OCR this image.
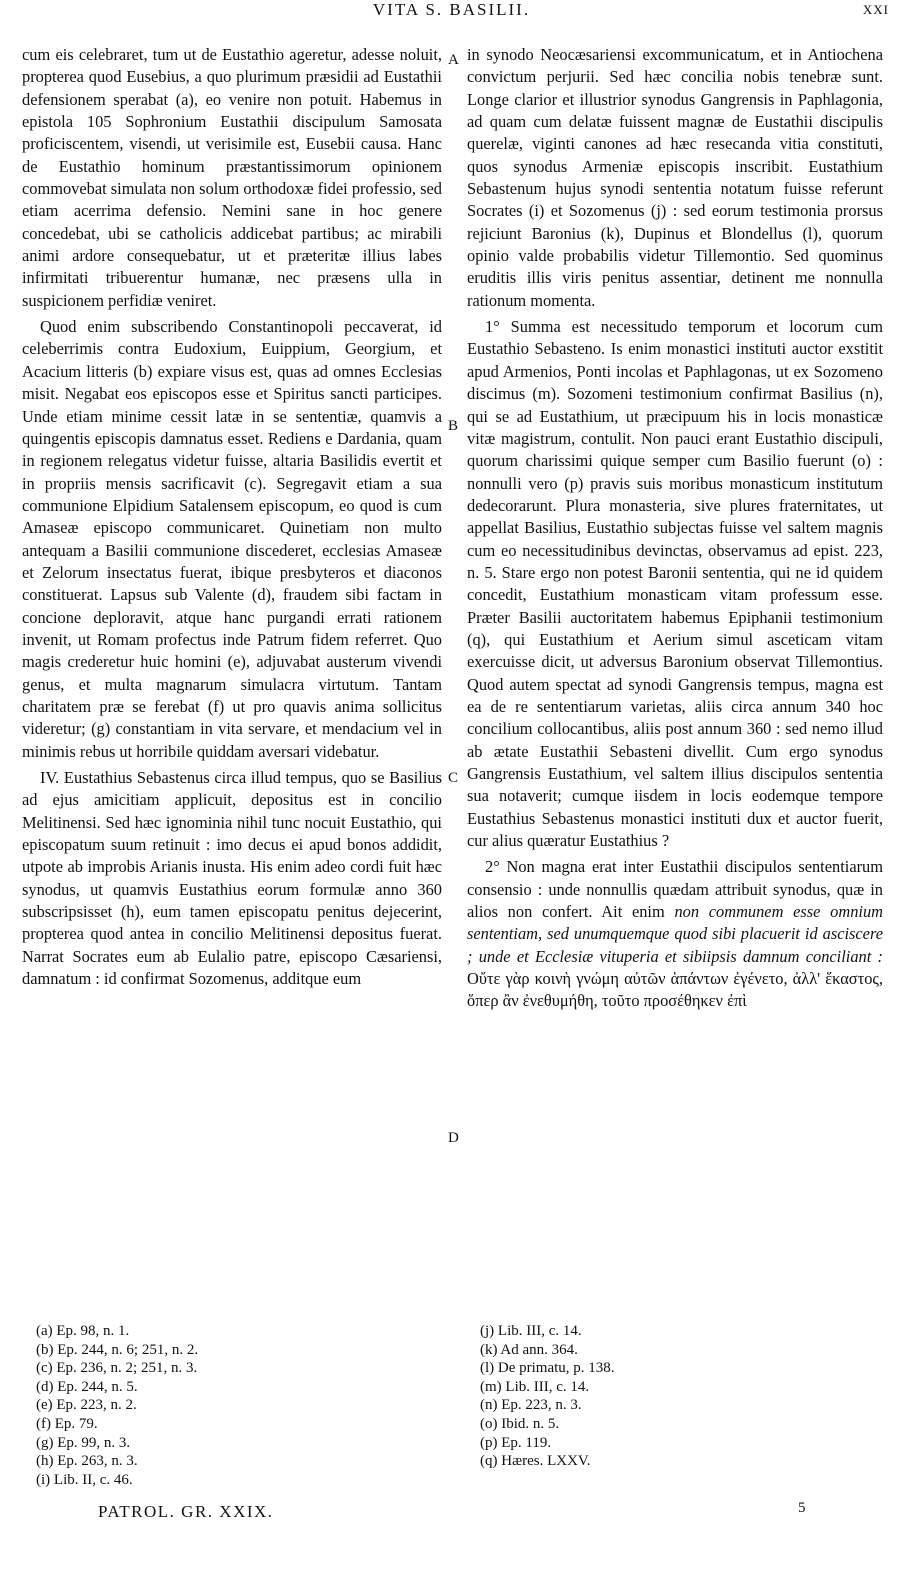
VITA S. BASILII.	XXI

cum eis celebraret, tum ut de Eustathio ageretur, adesse noluit, propterea quod Eusebius, a quo plurimum præsidii ad Eustathii defensionem sperabat (a), eo venire non potuit. Habemus in epistola 105 Sophronium Eustathii discipulum Samosata proficiscentem, visendi, ut verisimile est, Eusebii causa. Hanc de Eustathio hominum præstantissimorum opinionem commovebat simulata non solum orthodoxæ fidei professio, sed etiam acerrima defensio. Nemini sane in hoc genere concedebat, ubi se catholicis addicebat partibus; ac mirabili animi ardore consequebatur, ut et præteritæ illius labes infirmitati tribuerentur humanæ, nec præsens ulla in suspicionem perfidiæ veniret.

Quod enim subscribendo Constantinopoli peccaverat, id celeberrimis contra Eudoxium, Euippium, Georgium, et Acacium litteris (b) expiare visus est, quas ad omnes Ecclesias misit. Negabat eos episcopos esse et Spiritus sancti participes. Unde etiam minime cessit latæ in se sententiæ, quamvis a quingentis episcopis damnatus esset. Rediens e Dardania, quam in regionem relegatus videtur fuisse, altaria Basilidis evertit et in propriis mensis sacrificavit (c). Segregavit etiam a sua communione Elpidium Satalensem episcopum, eo quod is cum Amaseæ episcopo communicaret. Quinetiam non multo antequam a Basilii communione discederet, ecclesias Amaseæ et Zelorum insectatus fuerat, ibique presbyteros et diaconos constituerat. Lapsus sub Valente (d), fraudem sibi factam in concione deploravit, atque hanc purgandi errati rationem invenit, ut Romam profectus inde Patrum fidem referret. Quo magis crederetur huic homini (e), adjuvabat austerum vivendi genus, et multa magnarum simulacra virtutum. Tantam charitatem præ se ferebat (f) ut pro quavis anima sollicitus videretur; (g) constantiam in vita servare, et mendacium vel in minimis rebus ut horribile quiddam aversari videbatur.

IV. Eustathius Sebastenus circa illud tempus, quo se Basilius ad ejus amicitiam applicuit, depositus est in concilio Melitinensi. Sed hæc ignominia nihil tunc nocuit Eustathio, qui episcopatum suum retinuit : imo decus ei apud bonos addidit, utpote ab improbis Arianis inusta. His enim adeo cordi fuit hæc synodus, ut quamvis Eustathius eorum formulæ anno 360 subscripsisset (h), eum tamen episcopatu penitus dejecerint, propterea quod antea in concilio Melitinensi depositus fuerat. Narrat Socrates eum ab Eulalio patre, episcopo Cæsariensi, damnatum : id confirmat Sozomenus, additque eum

A
B
C
D

in synodo Neocæsariensi excommunicatum, et in Antiochena convictum perjurii. Sed hæc concilia nobis tenebræ sunt. Longe clarior et illustrior synodus Gangrensis in Paphlagonia, ad quam cum delatæ fuissent magnæ de Eustathii discipulis querelæ, viginti canones ad hæc resecanda vitia constituti, quos synodus Armeniæ episcopis inscribit. Eustathium Sebastenum hujus synodi sententia notatum fuisse referunt Socrates (i) et Sozomenus (j) : sed eorum testimonia prorsus rejiciunt Baronius (k), Dupinus et Blondellus (l), quorum opinio valde probabilis videtur Tillemontio. Sed quominus eruditis illis viris penitus assentiar, detinent me nonnulla rationum momenta.

1° Summa est necessitudo temporum et locorum cum Eustathio Sebasteno. Is enim monastici instituti auctor exstitit apud Armenios, Ponti incolas et Paphlagonas, ut ex Sozomeno discimus (m). Sozomeni testimonium confirmat Basilius (n), qui se ad Eustathium, ut præcipuum his in locis monasticæ vitæ magistrum, contulit. Non pauci erant Eustathio discipuli, quorum charissimi quique semper cum Basilio fuerunt (o) : nonnulli vero (p) pravis suis moribus monasticum institutum dedecorarunt. Plura monasteria, sive plures fraternitates, ut appellat Basilius, Eustathio subjectas fuisse vel saltem magnis cum eo necessitudinibus devinctas, observamus ad epist. 223, n. 5. Stare ergo non potest Baronii sententia, qui ne id quidem concedit, Eustathium monasticam vitam professum esse. Præter Basilii auctoritatem habemus Epiphanii testimonium (q), qui Eustathium et Aerium simul asceticam vitam exercuisse dicit, ut adversus Baronium observat Tillemontius. Quod autem spectat ad synodi Gangrensis tempus, magna est ea de re sententiarum varietas, aliis circa annum 340 hoc concilium collocantibus, aliis post annum 360 : sed nemo illud ab ætate Eustathii Sebasteni divellit. Cum ergo synodus Gangrensis Eustathium, vel saltem illius discipulos sententia sua notaverit; cumque iisdem in locis eodemque tempore Eustathius Sebastenus monastici instituti dux et auctor fuerit, cur alius quæratur Eustathius ?

2° Non magna erat inter Eustathii discipulos sententiarum consensio : unde nonnullis quædam attribuit synodus, quæ in alios non confert. Ait enim non communem esse omnium sententiam, sed unumquemque quod sibi placuerit id asciscere ; unde et Ecclesiæ vituperia et sibiipsis damnum conciliant : Οὔτε γὰρ κοινὴ γνώμη αὐτῶν ἁπάντων ἐγένετο, ἀλλ' ἕκαστος, ὅπερ ἂν ἐνεθυμήθη, τοῦτο προσέθηκεν ἐπὶ

(a) Ep. 98, n. 1.
(b) Ep. 244, n. 6; 251, n. 2.
(c) Ep. 236, n. 2; 251, n. 3.
(d) Ep. 244, n. 5.
(e) Ep. 223, n. 2.
(f) Ep. 79.
(g) Ep. 99, n. 3.
(h) Ep. 263, n. 3.
(i) Lib. II, c. 46.
(j) Lib. III, c. 14.
(k) Ad ann. 364.
(l) De primatu, p. 138.
(m) Lib. III, c. 14.
(n) Ep. 223, n. 3.
(o) Ibid. n. 5.
(p) Ep. 119.
(q) Hæres. LXXV.
PATROL. GR. XXIX.	5
